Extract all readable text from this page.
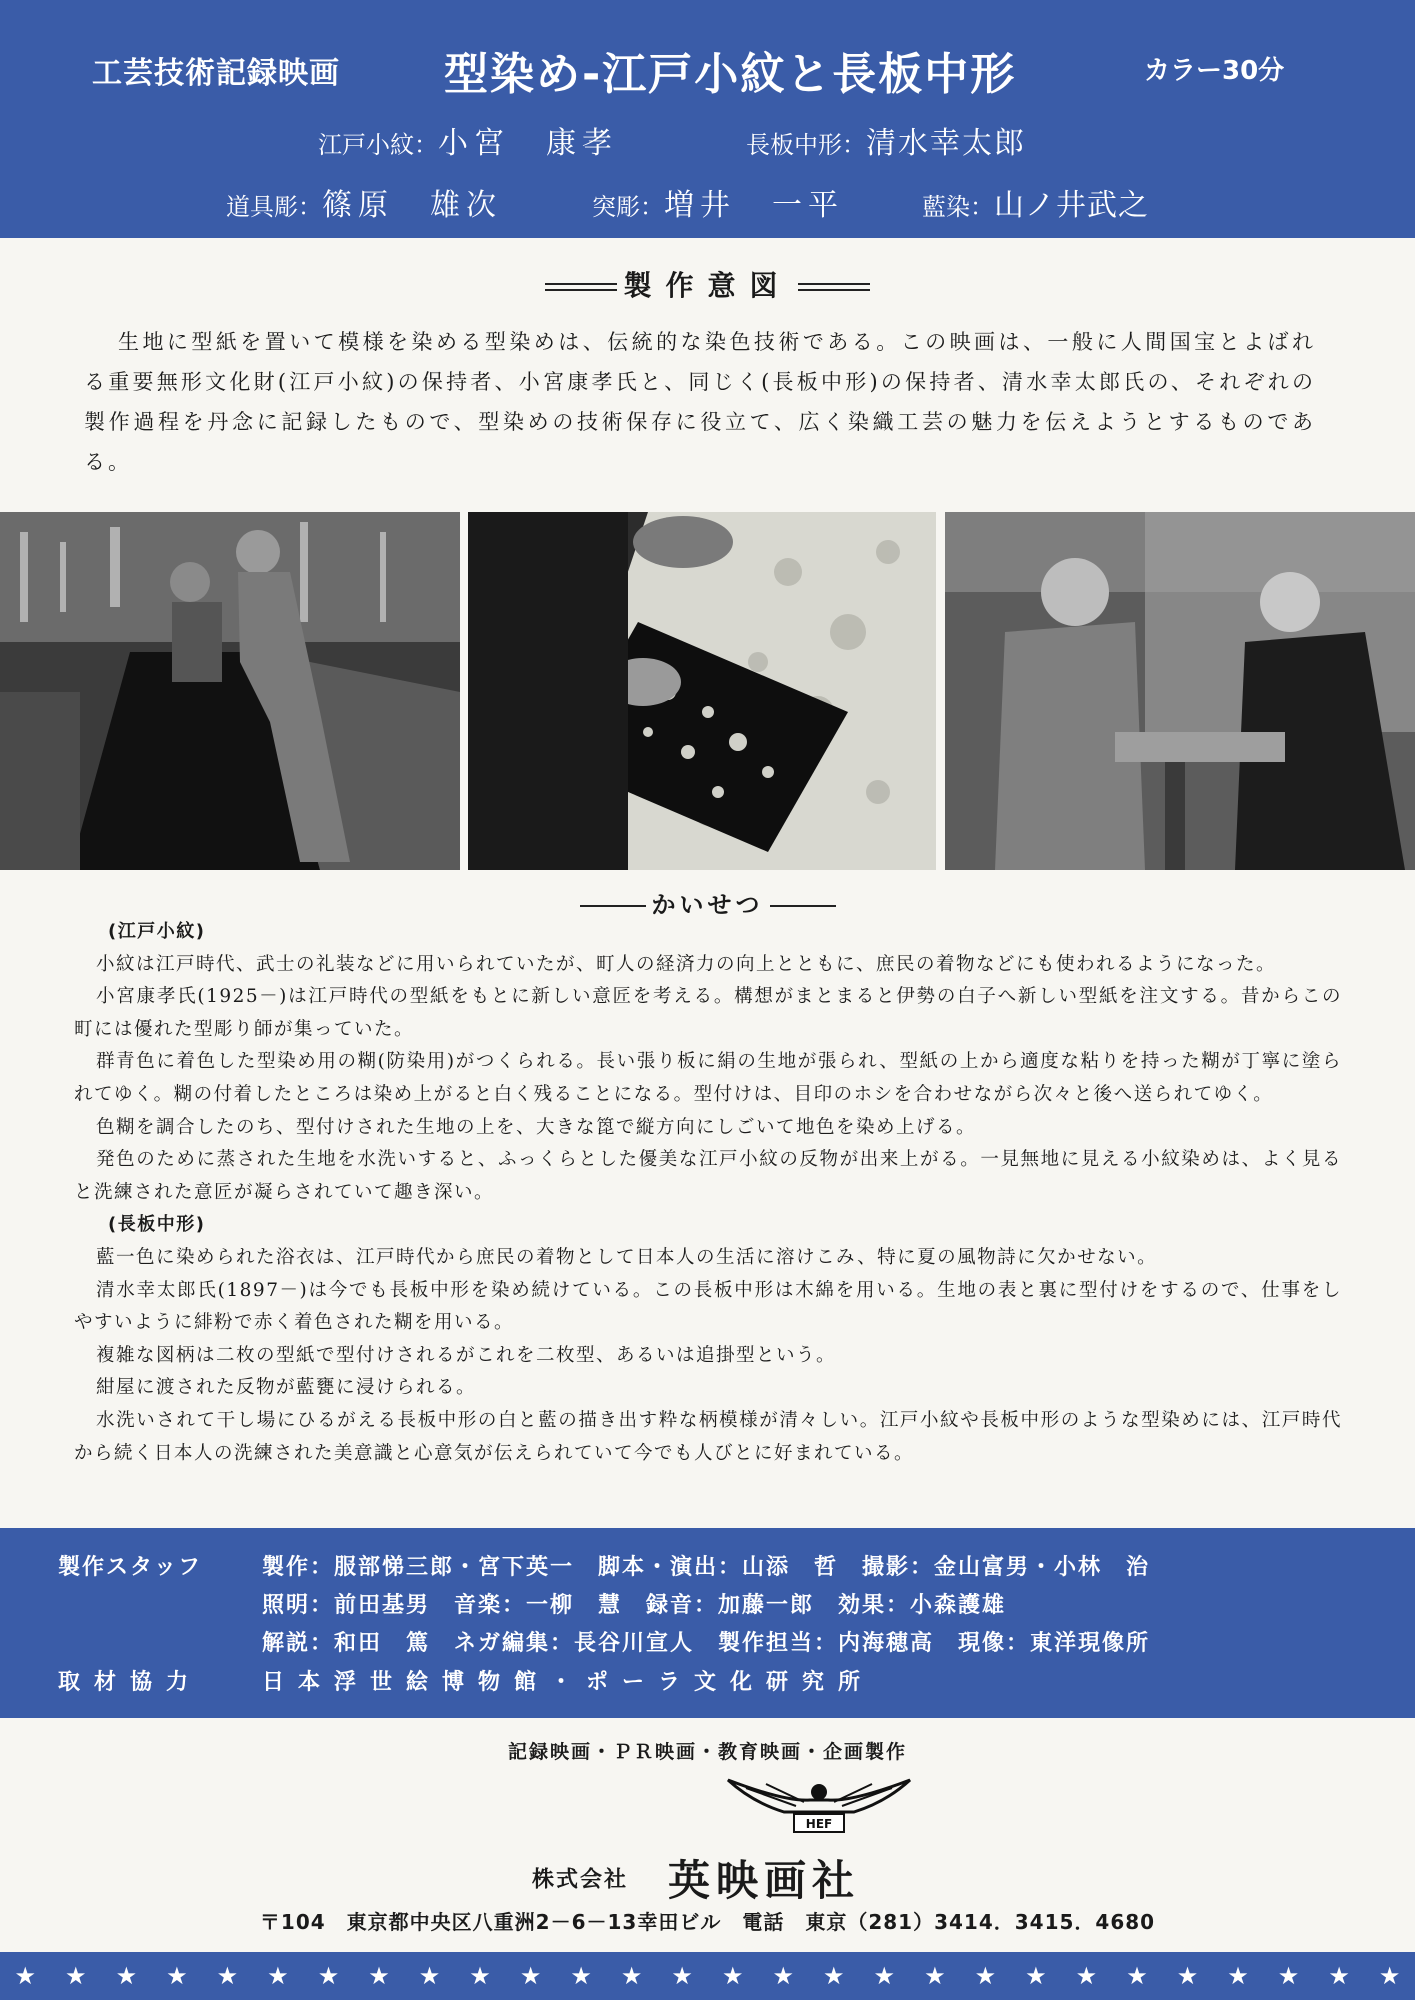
工芸技術記録映画 型染め-江戸小紋と長板中形	カラー30分
江戸小紋：小宮　康孝	長板中形：清水幸太郎
道具彫：篠原　雄次	突彫：増井　一平	藍染：山ノ井武之
製作意図
生地に型紙を置いて模様を染める型染めは、伝統的な染色技術である。この映画は、一般に人間国宝とよばれる重要無形文化財(江戸小紋)の保持者、小宮康孝氏と、同じく(長板中形)の保持者、清水幸太郎氏の、それぞれの製作過程を丹念に記録したもので、型染めの技術保存に役立て、広く染織工芸の魅力を伝えようとするものである。
かいせつ
(江戸小紋)

小紋は江戸時代、武士の礼装などに用いられていたが、町人の経済力の向上とともに、庶民の着物などにも使われるようになった。

小宮康孝氏(1925－)は江戸時代の型紙をもとに新しい意匠を考える。構想がまとまると伊勢の白子へ新しい型紙を注文する。昔からこの町には優れた型彫り師が集っていた。

群青色に着色した型染め用の糊(防染用)がつくられる。長い張り板に絹の生地が張られ、型紙の上から適度な粘りを持った糊が丁寧に塗られてゆく。糊の付着したところは染め上がると白く残ることになる。型付けは、目印のホシを合わせながら次々と後へ送られてゆく。

色糊を調合したのち、型付けされた生地の上を、大きな箆で縦方向にしごいて地色を染め上げる。

発色のために蒸された生地を水洗いすると、ふっくらとした優美な江戸小紋の反物が出来上がる。一見無地に見える小紋染めは、よく見ると洗練された意匠が凝らされていて趣き深い。

(長板中形)

藍一色に染められた浴衣は、江戸時代から庶民の着物として日本人の生活に溶けこみ、特に夏の風物詩に欠かせない。

清水幸太郎氏(1897－)は今でも長板中形を染め続けている。この長板中形は木綿を用いる。生地の表と裏に型付けをするので、仕事をしやすいように緋粉で赤く着色された糊を用いる。

複雑な図柄は二枚の型紙で型付けされるがこれを二枚型、あるいは追掛型という。

紺屋に渡された反物が藍甕に浸けられる。

水洗いされて干し場にひるがえる長板中形の白と藍の描き出す粋な柄模様が清々しい。江戸小紋や長板中形のような型染めには、江戸時代から続く日本人の洗練された美意識と心意気が伝えられていて今でも人びとに好まれている。

製作スタッフ	製作：服部悌三郎・宮下英一　脚本・演出：山添　哲　撮影：金山富男・小林　治
照明：前田基男　音楽：一柳　慧　録音：加藤一郎　効果：小森護雄
解説：和田　篤　ネガ編集：長谷川宣人　製作担当：内海穂高　現像：東洋現像所
取材協力	日本浮世絵博物館・ポーラ文化研究所
記録映画・ＰＲ映画・教育映画・企画製作
HEF
株式会社 英映画社
〒104　東京都中央区八重洲2－6－13幸田ビル　電話　東京（281）3414．3415．4680
★ ★ ★ ★ ★ ★ ★ ★ ★ ★ ★ ★ ★ ★ ★ ★ ★ ★ ★ ★ ★ ★ ★ ★ ★ ★ ★ ★
